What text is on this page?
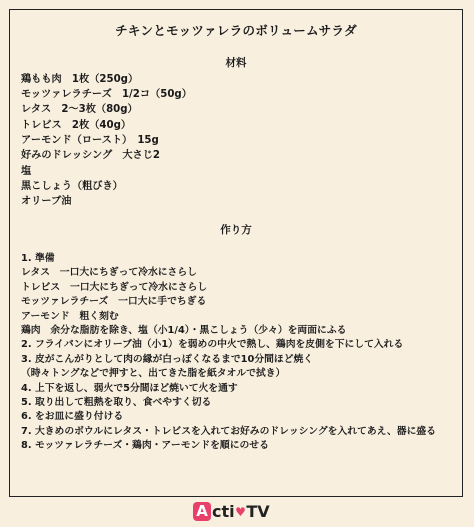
チキンとモッツァレラのボリュームサラダ
材料
鶏もも肉　1枚（250g）
モッツァレラチーズ　1/2コ（50g）
レタス　2〜3枚（80g）
トレビス　2枚（40g）
アーモンド（ロースト）　15g
好みのドレッシング　大さじ2
塩
黒こしょう（粗びき）
オリーブ油
作り方
1. 準備
レタス　一口大にちぎって冷水にさらし
トレビス　一口大にちぎって冷水にさらし
モッツァレラチーズ　一口大に手でちぎる
アーモンド　粗く刻む
鶏肉　余分な脂肪を除き、塩（小1/4）・黒こしょう（少々）を両面にふる
2. フライパンにオリーブ油（小1）を弱めの中火で熱し、鶏肉を皮側を下にして入れる
3. 皮がこんがりとして肉の縁が白っぽくなるまで10分間ほど焼く
（時々トングなどで押すと、出てきた脂を紙タオルで拭き）
4. 上下を返し、弱火で5分間ほど焼いて火を通す
5. 取り出して粗熱を取り、食べやすく切る
6. をお皿に盛り付ける
7. 大きめのボウルにレタス・トレビスを入れてお好みのドレッシングを入れてあえ、器に盛る
8. モッツァレラチーズ・鶏肉・アーモンドを順にのせる
A cti ♥ TV
